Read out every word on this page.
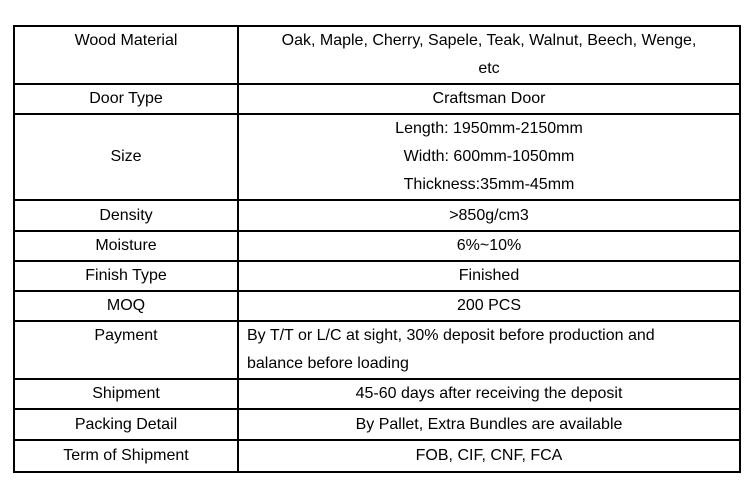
Wood Material	Oak, Maple, Cherry, Sapele, Teak, Walnut, Beech, Wenge,
etc
Door Type	Craftsman Door
Size	Length: 1950mm-2150mm
Width: 600mm-1050mm
Thickness:35mm-45mm
Density	>850g/cm3
Moisture	6%~10%
Finish Type	Finished
MOQ	200 PCS
Payment	By T/T or L/C at sight, 30% deposit before production and
balance before loading
Shipment	45-60 days after receiving the deposit
Packing Detail	By Pallet, Extra Bundles are available
Term of Shipment	FOB, CIF, CNF, FCA
